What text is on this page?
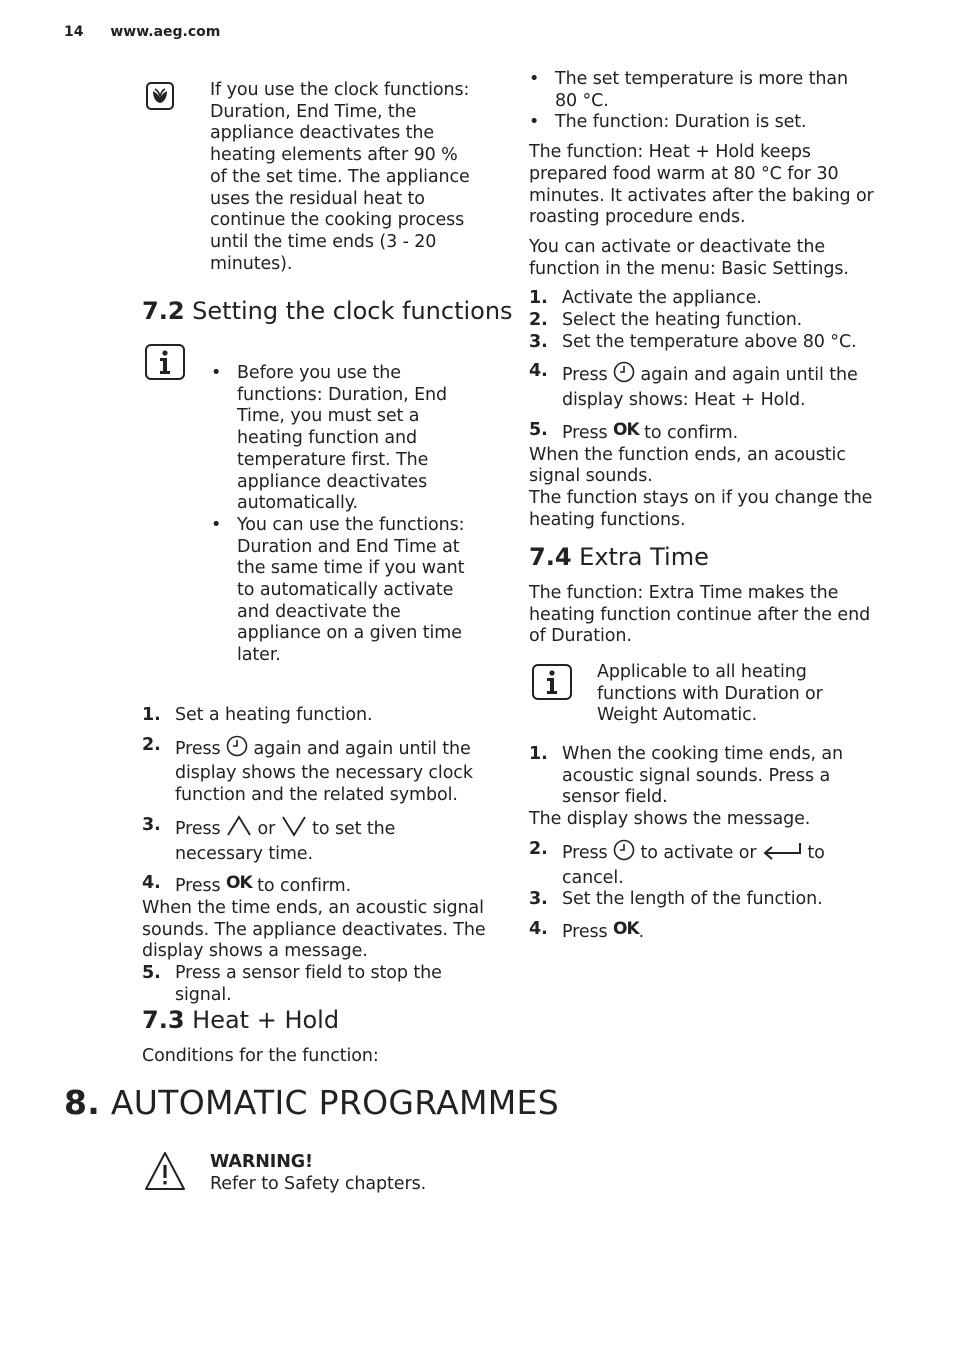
14 www.aeg.com
If you use the clock functions: Duration, End Time, the appliance deactivates the heating elements after 90 % of the set time. The appliance uses the residual heat to continue the cooking process until the time ends (3 - 20 minutes).
7.2 Setting the clock functions
• Before you use the functions: Duration, End Time, you must set a heating function and temperature first. The appliance deactivates automatically.
• You can use the functions: Duration and End Time at the same time if you want to automatically activate and deactivate the appliance on a given time later.
1. Set a heating function.
2. Press again and again until the display shows the necessary clock function and the related symbol.
3. Press or to set the necessary time.
4. Press OK to confirm.

When the time ends, an acoustic signal sounds. The appliance deactivates. The display shows a message.

5. Press a sensor field to stop the signal.
7.3 Heat + Hold
Conditions for the function:
• The set temperature is more than 80 °C.
• The function: Duration is set.

The function: Heat + Hold keeps prepared food warm at 80 °C for 30 minutes. It activates after the baking or roasting procedure ends.

You can activate or deactivate the function in the menu: Basic Settings.

1. Activate the appliance.
2. Select the heating function.
3. Set the temperature above 80 °C.
4. Press again and again until the display shows: Heat + Hold.
5. Press OK to confirm.

When the function ends, an acoustic signal sounds.
The function stays on if you change the heating functions.

7.4 Extra Time
The function: Extra Time makes the heating function continue after the end of Duration.
Applicable to all heating functions with Duration or Weight Automatic.
1. When the cooking time ends, an acoustic signal sounds. Press a sensor field.

The display shows the message.

2. Press to activate or	to cancel.
3. Set the length of the function.
4. Press OK.
8. AUTOMATIC PROGRAMMES
WARNING!
Refer to Safety chapters.
